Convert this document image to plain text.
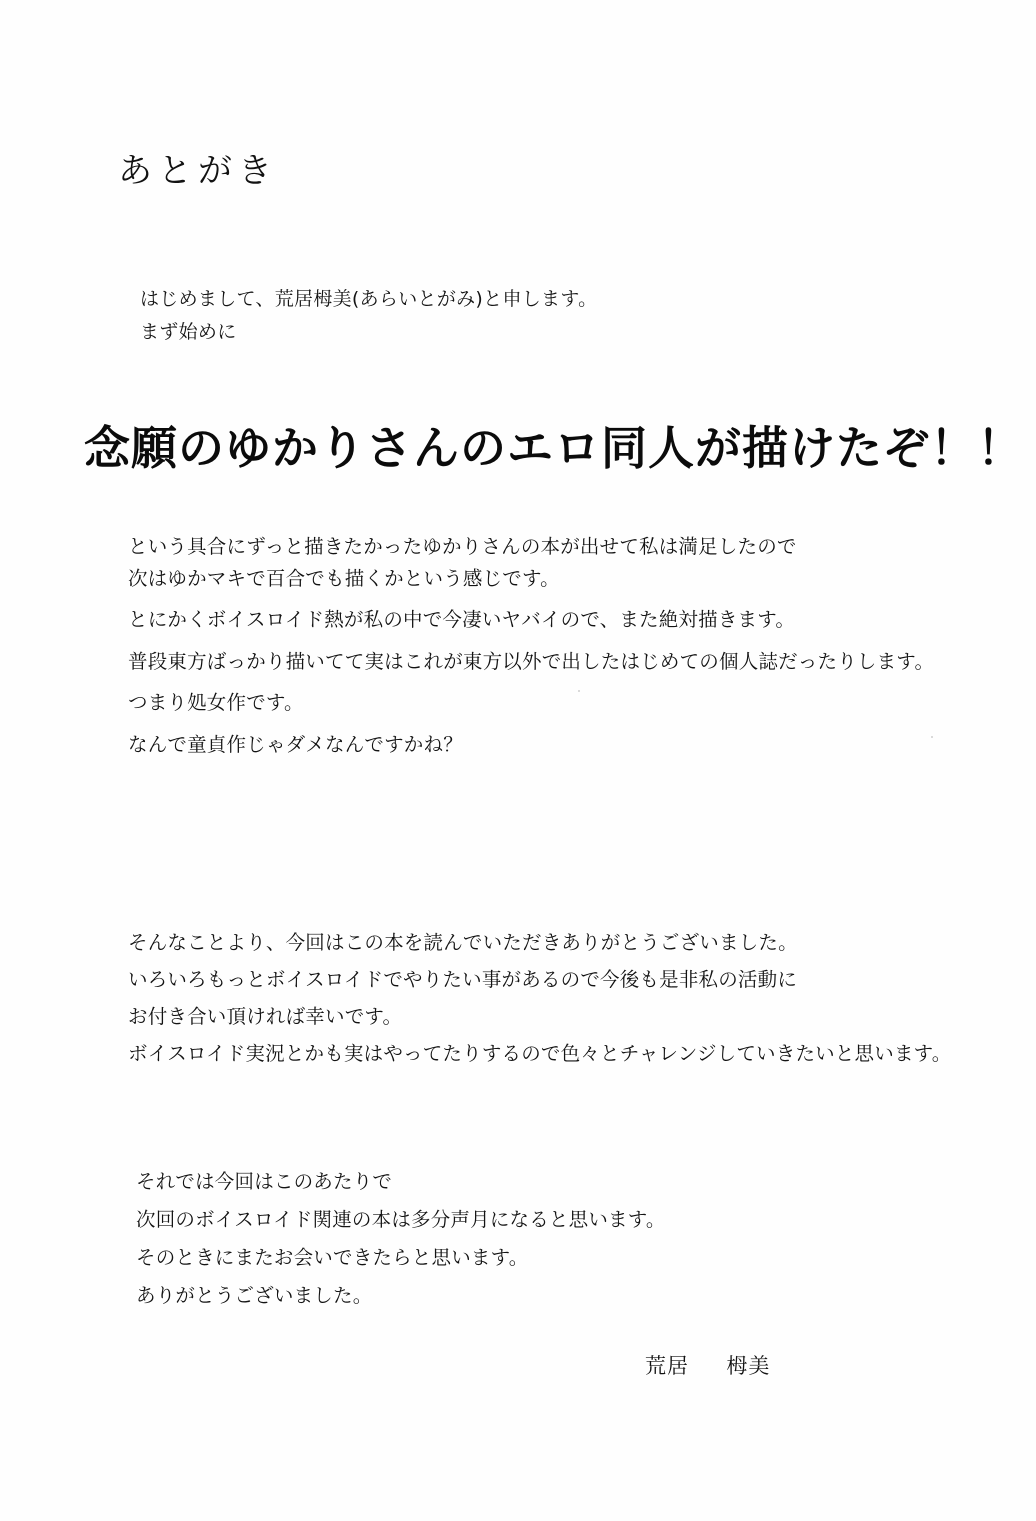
あとがき
はじめまして、荒居栂美(あらいとがみ)と申します。
まず始めに
念願のゆかりさんのエロ同人が描けたぞ！！
という具合にずっと描きたかったゆかりさんの本が出せて私は満足したので
次はゆかマキで百合でも描くかという感じです。
とにかくボイスロイド熱が私の中で今凄いヤバイので、また絶対描きます。
普段東方ばっかり描いてて実はこれが東方以外で出したはじめての個人誌だったりします。
つまり処女作です。
なんで童貞作じゃダメなんですかね？
そんなことより、今回はこの本を読んでいただきありがとうございました。
いろいろもっとボイスロイドでやりたい事があるので今後も是非私の活動に
お付き合い頂ければ幸いです。
ボイスロイド実況とかも実はやってたりするので色々とチャレンジしていきたいと思います。
それでは今回はこのあたりで
次回のボイスロイド関連の本は多分声月になると思います。
そのときにまたお会いできたらと思います。
ありがとうございました。
荒居 栂美
